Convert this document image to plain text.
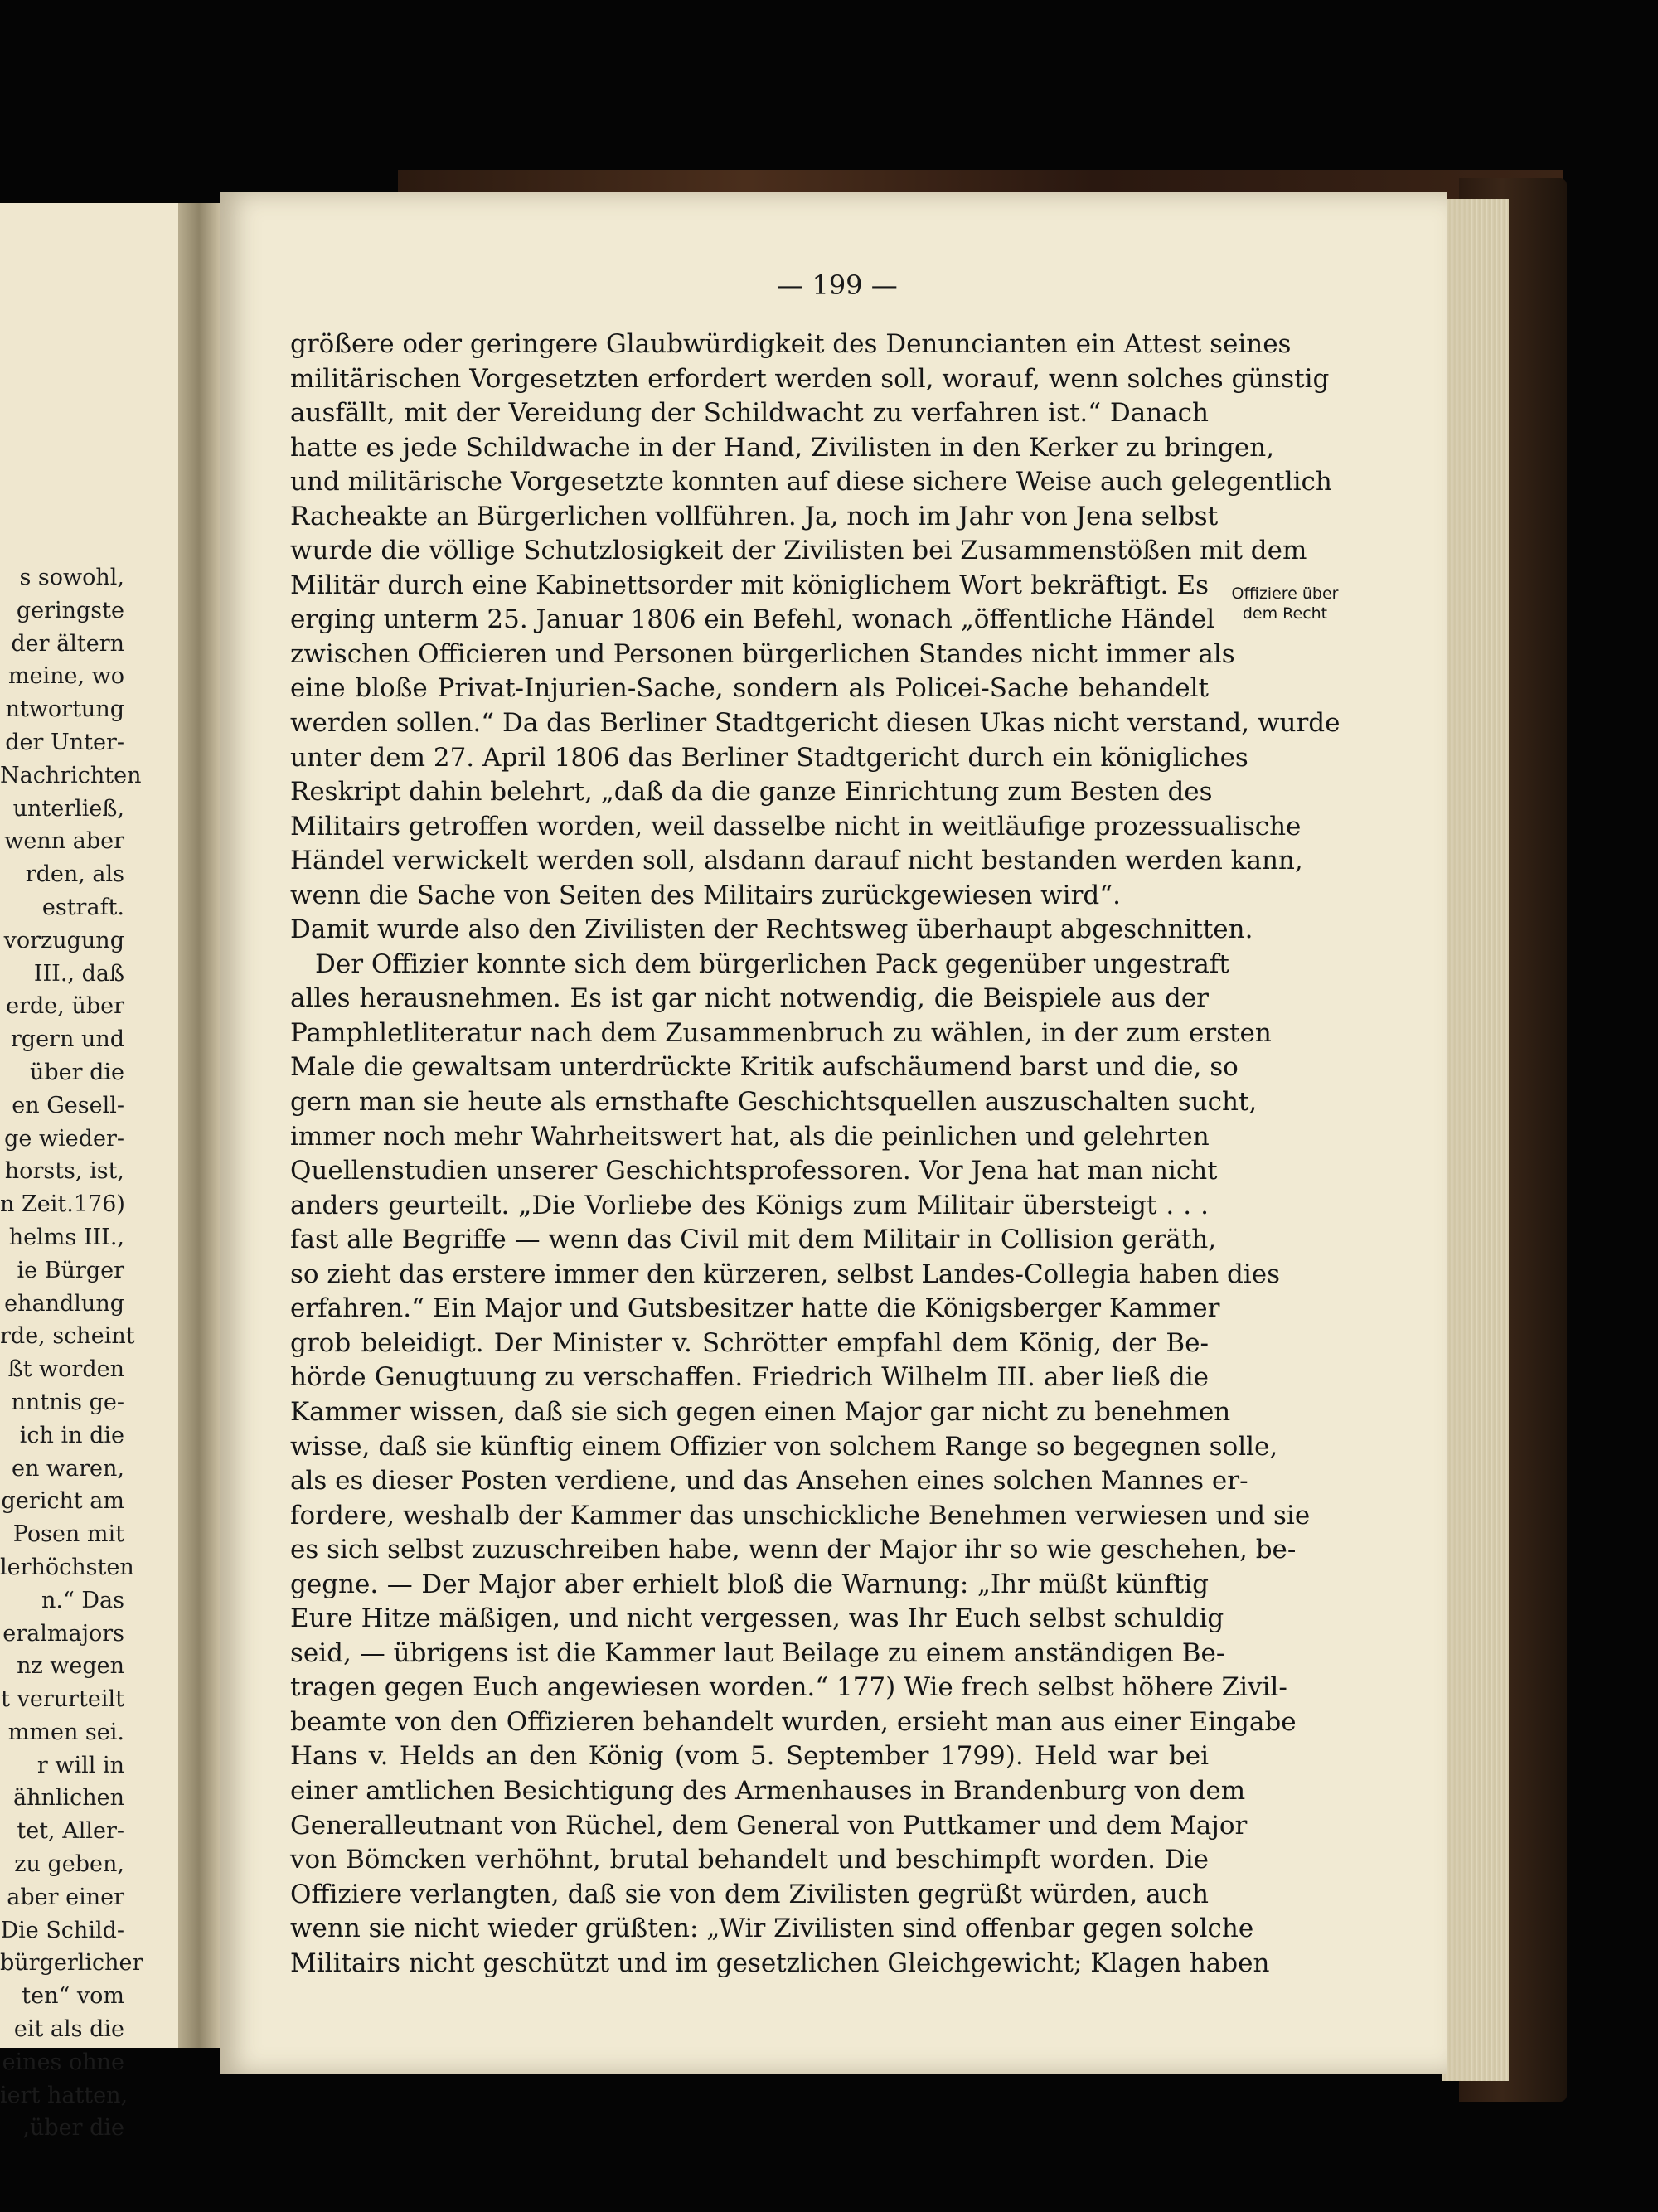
s sowohl,
geringste
der ältern
meine, wo
ntwortung
der Unter-
Nachrichten
unterließ,
wenn aber
rden, als
estraft.
vorzugung
III., daß
erde, über
rgern und
über die
en Gesell-
ge wieder-
horsts, ist,
n Zeit.176)
helms III.,
ie Bürger
ehandlung
rde, scheint
ßt worden
nntnis ge-
ich in die
en waren,
gericht am
Posen mit
lerhöchsten
n.“ Das
eralmajors
nz wegen
t verurteilt
mmen sei.
r will in
ähnlichen
tet, Aller-
zu geben,
aber einer
Die Schild-
bürgerlicher
ten“ vom
eit als die
eines ohne
iert hatten,
,über die
— 199 —
größere oder geringere Glaubwürdigkeit des Denuncianten ein Attest seines
militärischen Vorgesetzten erfordert werden soll, worauf, wenn solches günstig
ausfällt, mit der Vereidung der Schildwacht zu verfahren ist.“ Danach
hatte es jede Schildwache in der Hand, Zivilisten in den Kerker zu bringen,
und militärische Vorgesetzte konnten auf diese sichere Weise auch gelegentlich
Racheakte an Bürgerlichen vollführen. Ja, noch im Jahr von Jena selbst
wurde die völlige Schutzlosigkeit der Zivilisten bei Zusammenstößen mit dem
Militär durch eine Kabinettsorder mit königlichem Wort bekräftigt. Es
erging unterm 25. Januar 1806 ein Befehl, wonach „öffentliche Händel
zwischen Officieren und Personen bürgerlichen Standes nicht immer als
eine bloße Privat-Injurien-Sache, sondern als Policei-Sache behandelt
werden sollen.“ Da das Berliner Stadtgericht diesen Ukas nicht verstand, wurde
unter dem 27. April 1806 das Berliner Stadtgericht durch ein königliches
Reskript dahin belehrt, „daß da die ganze Einrichtung zum Besten des
Militairs getroffen worden, weil dasselbe nicht in weitläufige prozessualische
Händel verwickelt werden soll, alsdann darauf nicht bestanden werden kann,
wenn die Sache von Seiten des Militairs zurückgewiesen wird“.
Damit wurde also den Zivilisten der Rechtsweg überhaupt abgeschnitten.
Der Offizier konnte sich dem bürgerlichen Pack gegenüber ungestraft
alles herausnehmen. Es ist gar nicht notwendig, die Beispiele aus der
Pamphletliteratur nach dem Zusammenbruch zu wählen, in der zum ersten
Male die gewaltsam unterdrückte Kritik aufschäumend barst und die, so
gern man sie heute als ernsthafte Geschichtsquellen auszuschalten sucht,
immer noch mehr Wahrheitswert hat, als die peinlichen und gelehrten
Quellenstudien unserer Geschichtsprofessoren. Vor Jena hat man nicht
anders geurteilt. „Die Vorliebe des Königs zum Militair übersteigt . . .
fast alle Begriffe — wenn das Civil mit dem Militair in Collision geräth,
so zieht das erstere immer den kürzeren, selbst Landes-Collegia haben dies
erfahren.“ Ein Major und Gutsbesitzer hatte die Königsberger Kammer
grob beleidigt. Der Minister v. Schrötter empfahl dem König, der Be-
hörde Genugtuung zu verschaffen. Friedrich Wilhelm III. aber ließ die
Kammer wissen, daß sie sich gegen einen Major gar nicht zu benehmen
wisse, daß sie künftig einem Offizier von solchem Range so begegnen solle,
als es dieser Posten verdiene, und das Ansehen eines solchen Mannes er-
fordere, weshalb der Kammer das unschickliche Benehmen verwiesen und sie
es sich selbst zuzuschreiben habe, wenn der Major ihr so wie geschehen, be-
gegne. — Der Major aber erhielt bloß die Warnung: „Ihr müßt künftig
Eure Hitze mäßigen, und nicht vergessen, was Ihr Euch selbst schuldig
seid, — übrigens ist die Kammer laut Beilage zu einem anständigen Be-
tragen gegen Euch angewiesen worden.“ 177) Wie frech selbst höhere Zivil-
beamte von den Offizieren behandelt wurden, ersieht man aus einer Eingabe
Hans v. Helds an den König (vom 5. September 1799). Held war bei
einer amtlichen Besichtigung des Armenhauses in Brandenburg von dem
Generalleutnant von Rüchel, dem General von Puttkamer und dem Major
von Bömcken verhöhnt, brutal behandelt und beschimpft worden. Die
Offiziere verlangten, daß sie von dem Zivilisten gegrüßt würden, auch
wenn sie nicht wieder grüßten: „Wir Zivilisten sind offenbar gegen solche
Militairs nicht geschützt und im gesetzlichen Gleichgewicht; Klagen haben
Offiziere über
dem Recht
